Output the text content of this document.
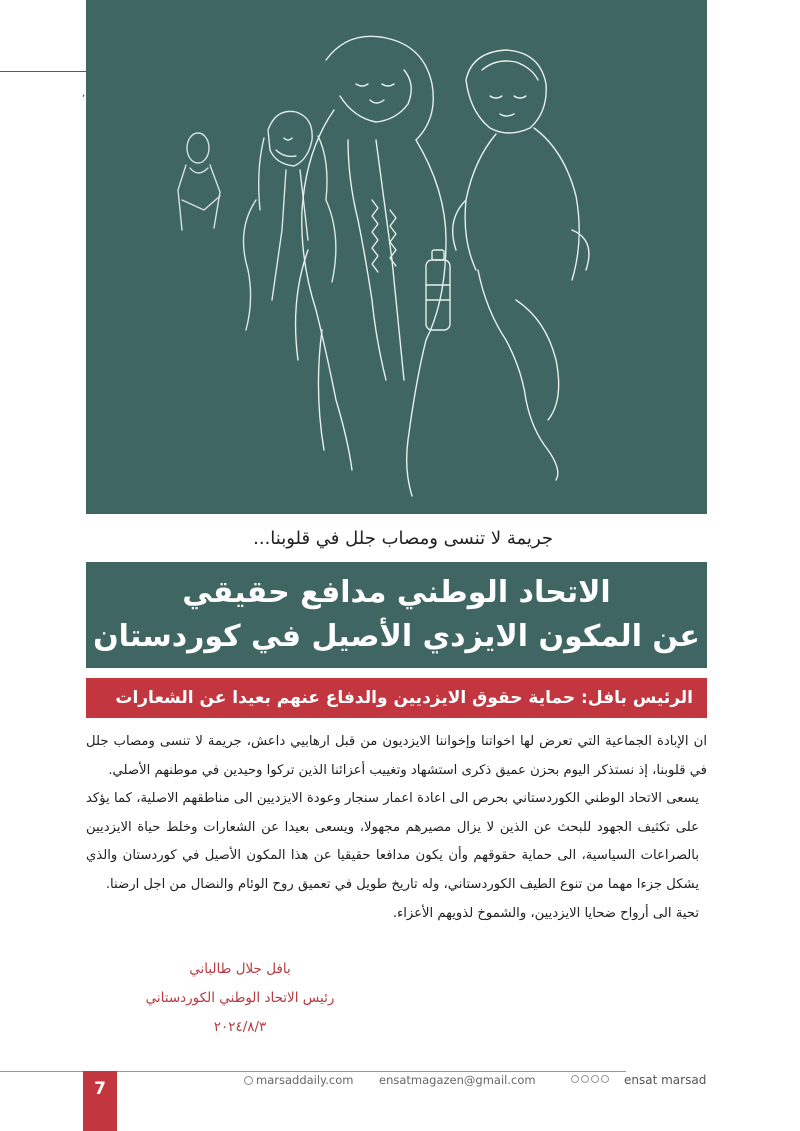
,
جريمة لا تنسى ومصاب جلل في قلوبنا...
الاتحاد الوطني مدافع حقيقي
عن المكون الايزدي الأصيل في كوردستان
الرئيس بافل: حماية حقوق الايزديين والدفاع عنهم بعيدا عن الشعارات

ان الإبادة الجماعية التي تعرض لها اخواتنا وإخواننا الايزديون من قبل ارهابيي داعش، جريمة لا تنسى ومصاب جلل في قلوبنا، إذ نستذكر اليوم بحزن عميق ذكرى استشهاد وتغييب أعزائنا الذين تركوا وحيدين في موطنهم الأصلي.

يسعى الاتحاد الوطني الكوردستاني بحرص الى اعادة اعمار سنجار وعودة الايزديين الى مناطقهم الاصلية، كما يؤكد على تكثيف الجهود للبحث عن الذين لا يزال مصيرهم مجهولا، ويسعى بعيدا عن الشعارات وخلط حياة الايزديين بالصراعات السياسية، الى حماية حقوقهم وأن يكون مدافعا حقيقيا عن هذا المكون الأصيل في كوردستان والذي يشكل جزءا مهما من تنوع الطيف الكوردستاني، وله تاريخ طويل في تعميق روح الوئام والنضال من اجل ارضنا.

تحية الى أرواح ضحايا الايزديين، والشموخ لذويهم الأعزاء.

بافل جلال طالباني
رئيس الاتحاد الوطني الكوردستاني
٢٠٢٤/٨/٣
7	marsaddaily.com ensatmagazen@gmail.com	ensat marsad
